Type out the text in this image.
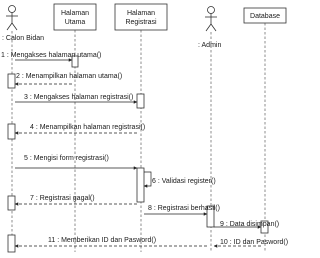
: Calon Bidan
Halaman
Utama
Halaman
Registrasi
: Admin
Database
1 : Mengakses halaman utama()
2 : Menampilkan halaman utama()
3 : Mengakses halaman registrasi()
4 : Menampilkan halaman registrasi()
5 : Mengisi form registrasi()
6 : Validasi register()
7 : Registrasi gagal()
8 : Registrasi berhasil()
9 : Data disimpan()
10 : ID dan Pasword()
11 : Memberikan ID dan Pasword()
